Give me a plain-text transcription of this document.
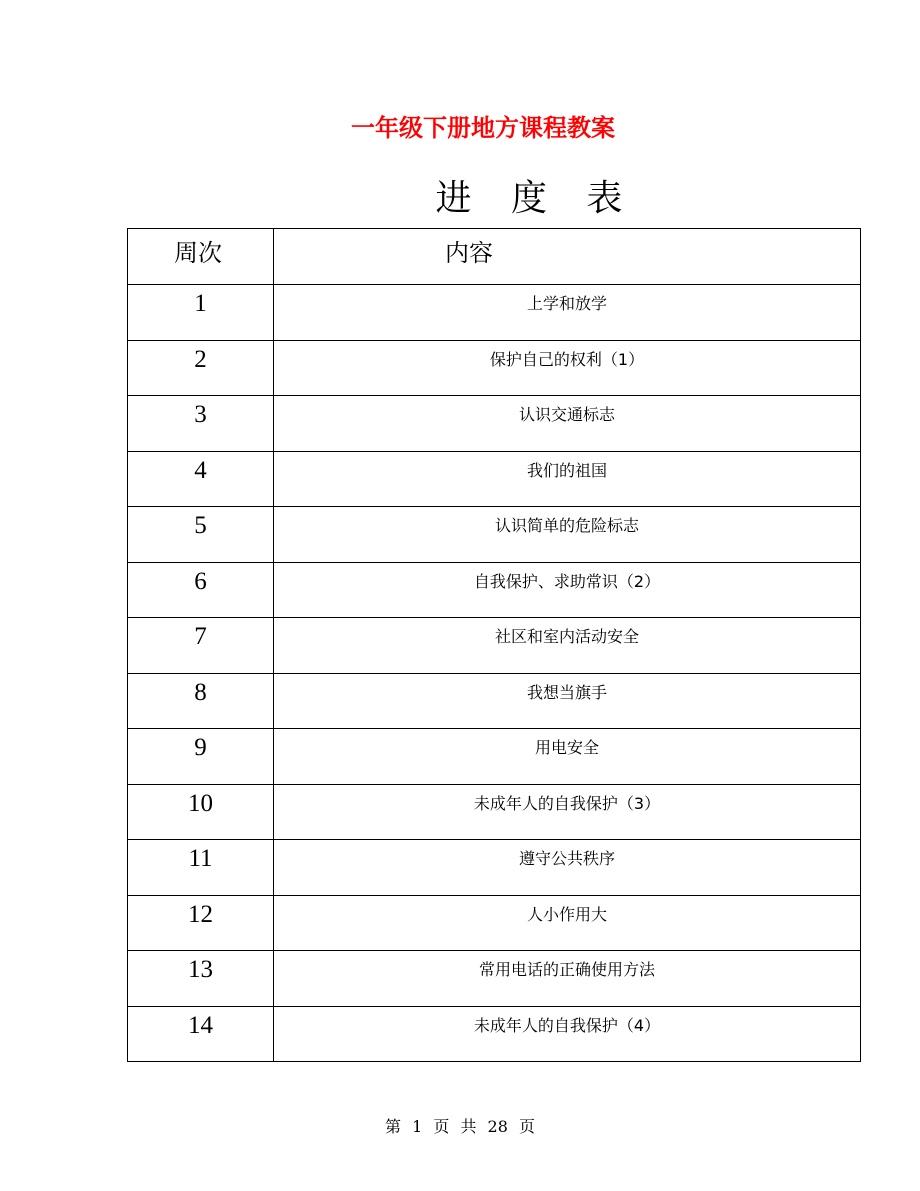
一年级下册地方课程教案
进 度 表
周次	内容
1	上学和放学
2	保护自己的权利（1）
3	认识交通标志
4	我们的祖国
5	认识简单的危险标志
6	自我保护、求助常识（2）
7	社区和室内活动安全
8	我想当旗手
9	用电安全
10	未成年人的自我保护（3）
11	遵守公共秩序
12	人小作用大
13	常用电话的正确使用方法
14	未成年人的自我保护（4）
第 1 页 共 28 页
